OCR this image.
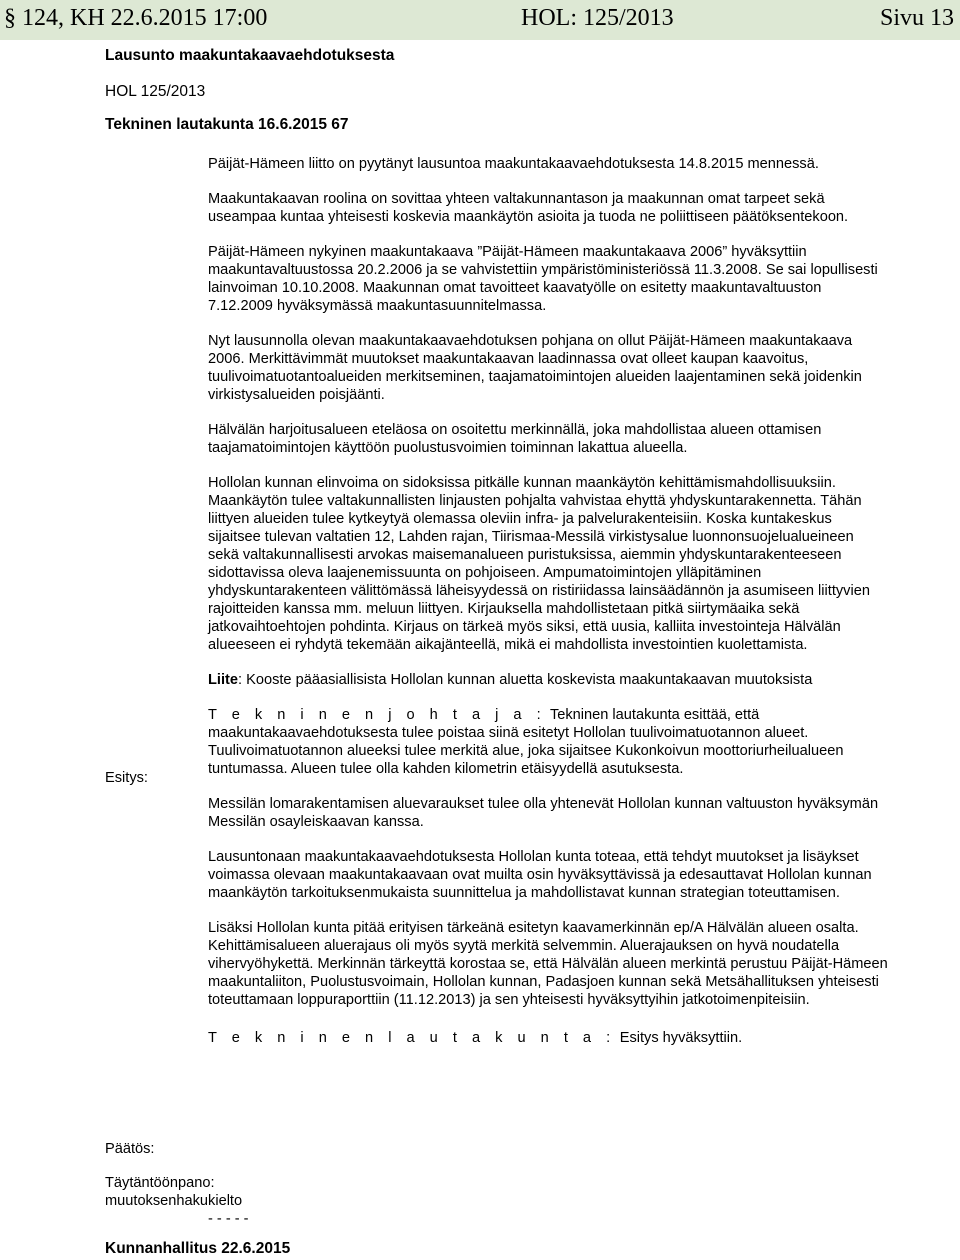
§ 124, KH 22.6.2015 17:00	HOL: 125/2013	Sivu 13
Lausunto maakuntakaavaehdotuksesta
HOL 125/2013
Tekninen lautakunta 16.6.2015 67

Päijät-Hämeen liitto on pyytänyt lausuntoa maakuntakaavaehdotuksesta 14.8.2015 mennessä.

Maakuntakaavan roolina on sovittaa yhteen valtakunnantason ja maakunnan omat tarpeet sekä useampaa kuntaa yhteisesti koskevia maankäytön asioita ja tuoda ne poliittiseen päätöksentekoon.

Päijät-Hämeen nykyinen maakuntakaava ”Päijät-Hämeen maakuntakaava 2006” hyväksyttiin maakuntavaltuustossa 20.2.2006 ja se vahvistettiin ympäristöministeriössä 11.3.2008. Se sai lopullisesti lainvoiman 10.10.2008. Maakunnan omat tavoitteet kaavatyölle on esitetty maakuntavaltuuston 7.12.2009 hyväksymässä maakuntasuunnitelmassa.

Nyt lausunnolla olevan maakuntakaavaehdotuksen pohjana on ollut Päijät-Hämeen maakuntakaava 2006. Merkittävimmät muutokset maakuntakaavan laadinnassa ovat olleet kaupan kaavoitus, tuulivoimatuotantoalueiden merkitseminen, taajamatoimintojen alueiden laajentaminen sekä joidenkin virkistysalueiden poisjäänti.

Hälvälän harjoitusalueen eteläosa on osoitettu merkinnällä, joka mahdollistaa alueen ottamisen taajamatoimintojen käyttöön puolustusvoimien toiminnan lakattua alueella.

Hollolan kunnan elinvoima on sidoksissa pitkälle kunnan maankäytön kehittämismahdollisuuksiin. Maankäytön tulee valtakunnallisten linjausten pohjalta vahvistaa ehyttä yhdyskuntarakennetta. Tähän liittyen alueiden tulee kytkeytyä olemassa oleviin infra- ja palvelurakenteisiin. Koska kuntakeskus sijaitsee tulevan valtatien 12, Lahden rajan, Tiirismaa-Messilä virkistysalue luonnonsuojelualueineen sekä valtakunnallisesti arvokas maisemanalueen puristuksissa, aiemmin yhdyskuntarakenteeseen sidottavissa oleva laajenemissuunta on pohjoiseen. Ampumatoimintojen ylläpitäminen yhdyskuntarakenteen välittömässä läheisyydessä on ristiriidassa lainsäädännön ja asumiseen liittyvien rajoitteiden kanssa mm. meluun liittyen. Kirjauksella mahdollistetaan pitkä siirtymäaika sekä jatkovaihtoehtojen pohdinta. Kirjaus on tärkeä myös siksi, että uusia, kalliita investointeja Hälvälän alueeseen ei ryhdytä tekemään aikajänteellä, mikä ei mahdollista investointien kuolettamista.

Liite: Kooste pääasiallisista Hollolan kunnan aluetta koskevista maakuntakaavan muutoksista

T e k n i n e n j o h t a j a : Tekninen lautakunta esittää, että maakuntakaavaehdotuksesta tulee poistaa siinä esitetyt Hollolan tuulivoimatuotannon alueet. Tuulivoimatuotannon alueeksi tulee merkitä alue, joka sijaitsee Kukonkoivun moottoriurheilualueen tuntumassa. Alueen tulee olla kahden kilometrin etäisyydellä asutuksesta.

Messilän lomarakentamisen aluevaraukset tulee olla yhtenevät Hollolan kunnan valtuuston hyväksymän Messilän osayleiskaavan kanssa.

Lausuntonaan maakuntakaavaehdotuksesta Hollolan kunta toteaa, että tehdyt muutokset ja lisäykset voimassa olevaan maakuntakaavaan ovat muilta osin hyväksyttävissä ja edesauttavat Hollolan kunnan maankäytön tarkoituksenmukaista suunnittelua ja mahdollistavat kunnan strategian toteuttamisen.

Lisäksi Hollolan kunta pitää erityisen tärkeänä esitetyn kaavamerkinnän ep/A Hälvälän alueen osalta. Kehittämisalueen aluerajaus oli myös syytä merkitä selvemmin. Aluerajauksen on hyvä noudatella vihervyöhykettä. Merkinnän tärkeyttä korostaa se, että Hälvälän alueen merkintä perustuu Päijät-Hämeen maakuntaliiton, Puolustusvoimain, Hollolan kunnan, Padasjoen kunnan sekä Metsähallituksen yhteisesti toteuttamaan loppuraporttiin (11.12.2013) ja sen yhteisesti hyväksyttyihin jatkotoimenpiteisiin.

T e k n i n e n l a u t a k u n t a : Esitys hyväksyttiin.

Esitys:
Päätös:
Täytäntöönpano:
muutoksenhakukielto
- - - - -
Kunnanhallitus 22.6.2015
